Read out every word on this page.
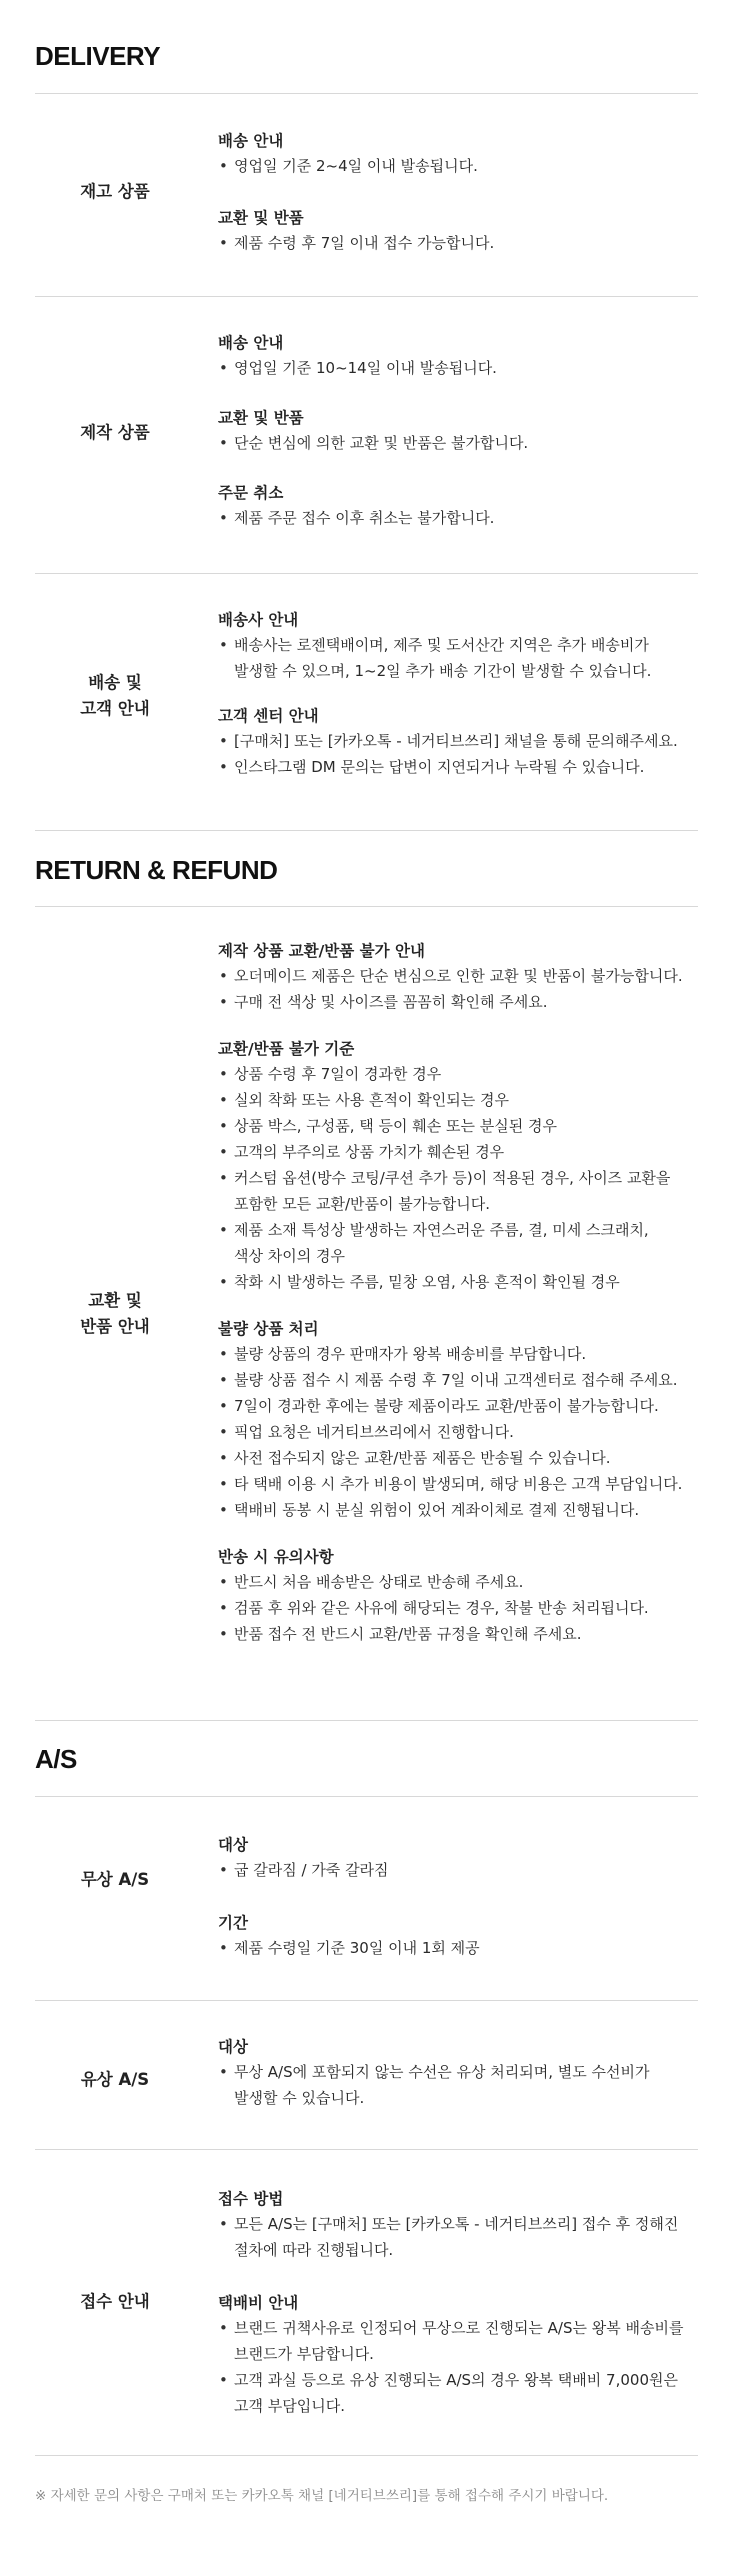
DELIVERY
재고 상품
배송 안내
• 영업일 기준 2~4일 이내 발송됩니다.
교환 및 반품
• 제품 수령 후 7일 이내 접수 가능합니다.
제작 상품
배송 안내
• 영업일 기준 10~14일 이내 발송됩니다.
교환 및 반품
• 단순 변심에 의한 교환 및 반품은 불가합니다.
주문 취소
• 제품 주문 접수 이후 취소는 불가합니다.
배송 및
고객 안내
배송사 안내
• 배송사는 로젠택배이며, 제주 및 도서산간 지역은 추가 배송비가
발생할 수 있으며, 1~2일 추가 배송 기간이 발생할 수 있습니다.
고객 센터 안내
• [구매처] 또는 [카카오톡 - 네거티브쓰리] 채널을 통해 문의해주세요.
• 인스타그램 DM 문의는 답변이 지연되거나 누락될 수 있습니다.
RETURN & REFUND
교환 및
반품 안내
제작 상품 교환/반품 불가 안내
• 오더메이드 제품은 단순 변심으로 인한 교환 및 반품이 불가능합니다.
• 구매 전 색상 및 사이즈를 꼼꼼히 확인해 주세요.
교환/반품 불가 기준
• 상품 수령 후 7일이 경과한 경우
• 실외 착화 또는 사용 흔적이 확인되는 경우
• 상품 박스, 구성품, 택 등이 훼손 또는 분실된 경우
• 고객의 부주의로 상품 가치가 훼손된 경우
• 커스텀 옵션(방수 코팅/쿠션 추가 등)이 적용된 경우, 사이즈 교환을
포함한 모든 교환/반품이 불가능합니다.
• 제품 소재 특성상 발생하는 자연스러운 주름, 결, 미세 스크래치,
색상 차이의 경우
• 착화 시 발생하는 주름, 밑창 오염, 사용 흔적이 확인될 경우
불량 상품 처리
• 불량 상품의 경우 판매자가 왕복 배송비를 부담합니다.
• 불량 상품 접수 시 제품 수령 후 7일 이내 고객센터로 접수해 주세요.
• 7일이 경과한 후에는 불량 제품이라도 교환/반품이 불가능합니다.
• 픽업 요청은 네거티브쓰리에서 진행합니다.
• 사전 접수되지 않은 교환/반품 제품은 반송될 수 있습니다.
• 타 택배 이용 시 추가 비용이 발생되며, 해당 비용은 고객 부담입니다.
• 택배비 동봉 시 분실 위험이 있어 계좌이체로 결제 진행됩니다.
반송 시 유의사항
• 반드시 처음 배송받은 상태로 반송해 주세요.
• 검품 후 위와 같은 사유에 해당되는 경우, 착불 반송 처리됩니다.
• 반품 접수 전 반드시 교환/반품 규정을 확인해 주세요.
A/S
무상 A/S
대상
• 굽 갈라짐 / 가죽 갈라짐
기간
• 제품 수령일 기준 30일 이내 1회 제공
유상 A/S
대상
• 무상 A/S에 포함되지 않는 수선은 유상 처리되며, 별도 수선비가
발생할 수 있습니다.
접수 안내
접수 방법
• 모든 A/S는 [구매처] 또는 [카카오톡 - 네거티브쓰리] 접수 후 정해진
절차에 따라 진행됩니다.
택배비 안내
• 브랜드 귀책사유로 인정되어 무상으로 진행되는 A/S는 왕복 배송비를
브랜드가 부담합니다.
• 고객 과실 등으로 유상 진행되는 A/S의 경우 왕복 택배비 7,000원은
고객 부담입니다.
※ 자세한 문의 사항은 구매처 또는 카카오톡 채널 [네거티브쓰리]를 통해 접수해 주시기 바랍니다.
